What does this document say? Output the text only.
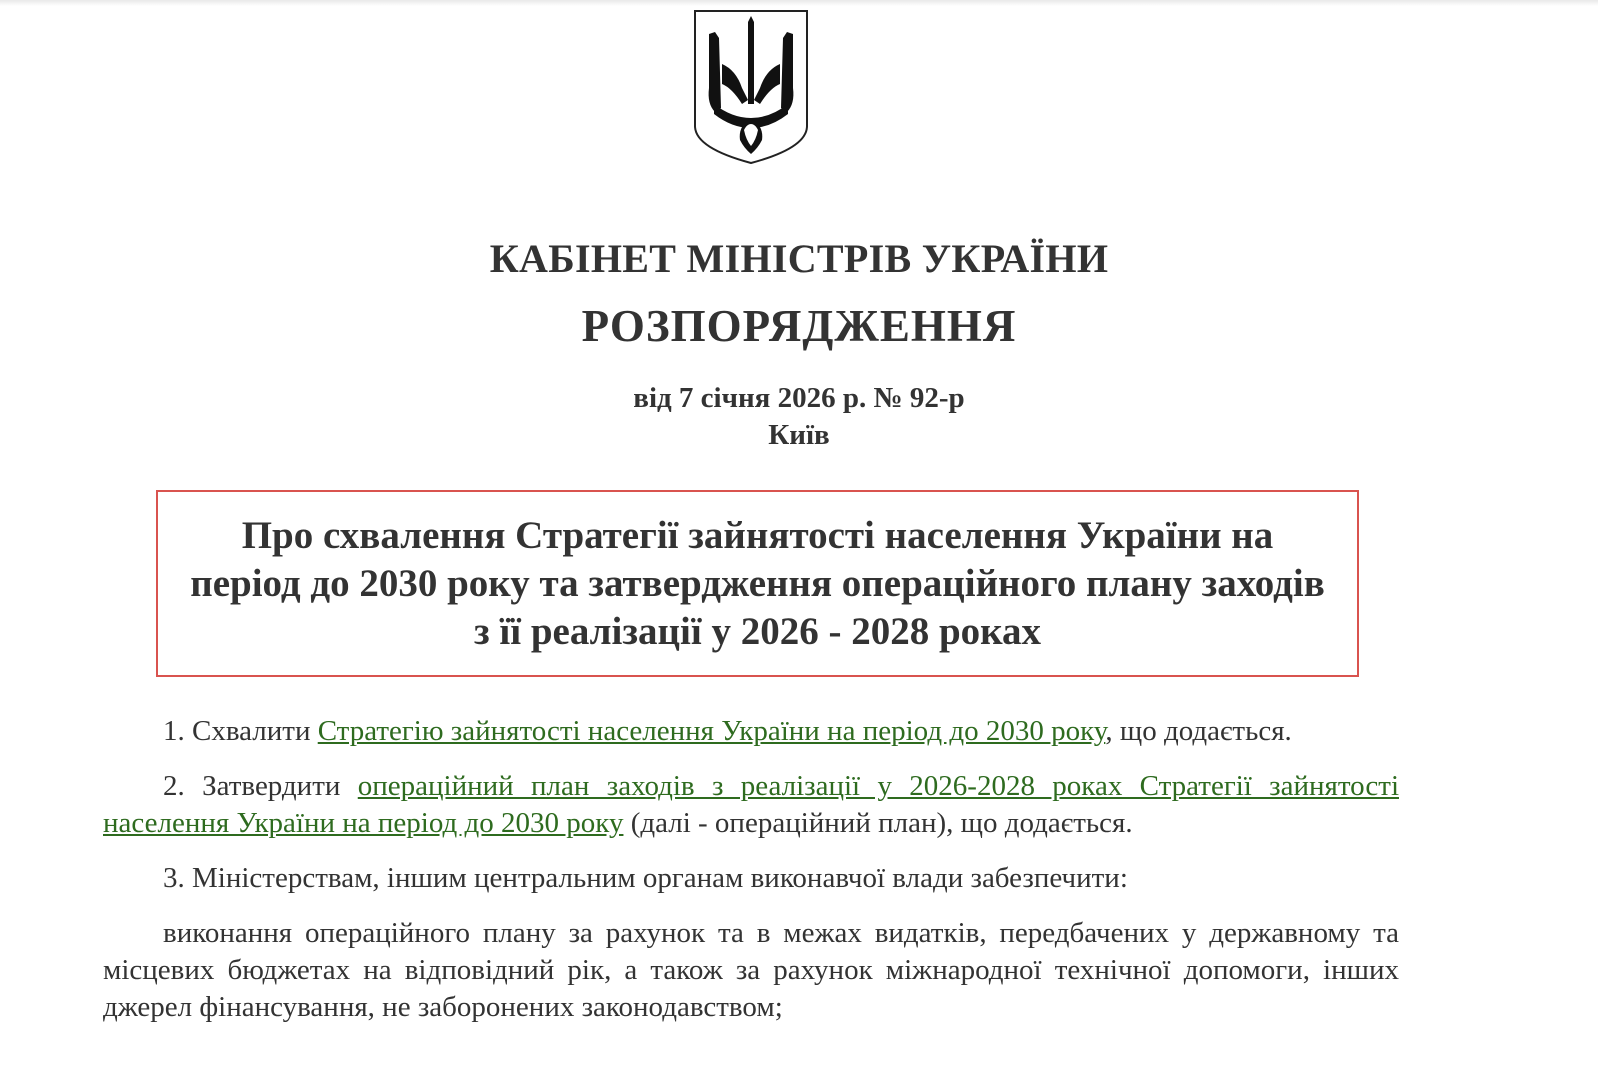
КАБІНЕТ МІНІСТРІВ УКРАЇНИ
РОЗПОРЯДЖЕННЯ
від 7 січня 2026 р. № 92-р
Київ
Про схвалення Стратегії зайнятості населення України на період до 2030 року та затвердження операційного плану заходів з її реалізації у 2026 - 2028 роках

1. Схвалити Стратегію зайнятості населення України на період до 2030 року, що додається.

2. Затвердити операційний план заходів з реалізації у 2026-2028 роках Стратегії зайнятості населення України на період до 2030 року (далі - операційний план), що додається.

3. Міністерствам, іншим центральним органам виконавчої влади забезпечити:

виконання операційного плану за рахунок та в межах видатків, передбачених у державному та місцевих бюджетах на відповідний рік, а також за рахунок міжнародної технічної допомоги, інших джерел фінансування, не заборонених законодавством;
